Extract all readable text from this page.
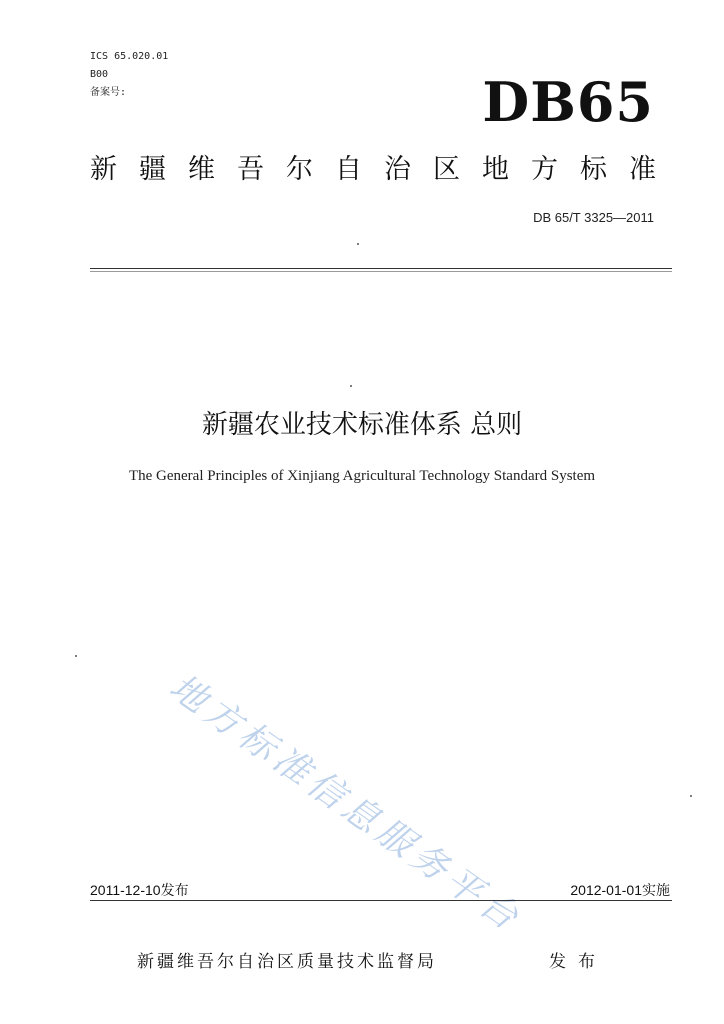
ICS 65.020.01
B00
备案号:	DB65
新疆维吾尔自治区地方标准
DB 65/T 3325—2011
新疆农业技术标准体系 总则
The General Principles of Xinjiang Agricultural Technology Standard System
地方标准信息服务平台
2011-12-10发布	2012-01-01实施
新疆维吾尔自治区质量技术监督局	发布
